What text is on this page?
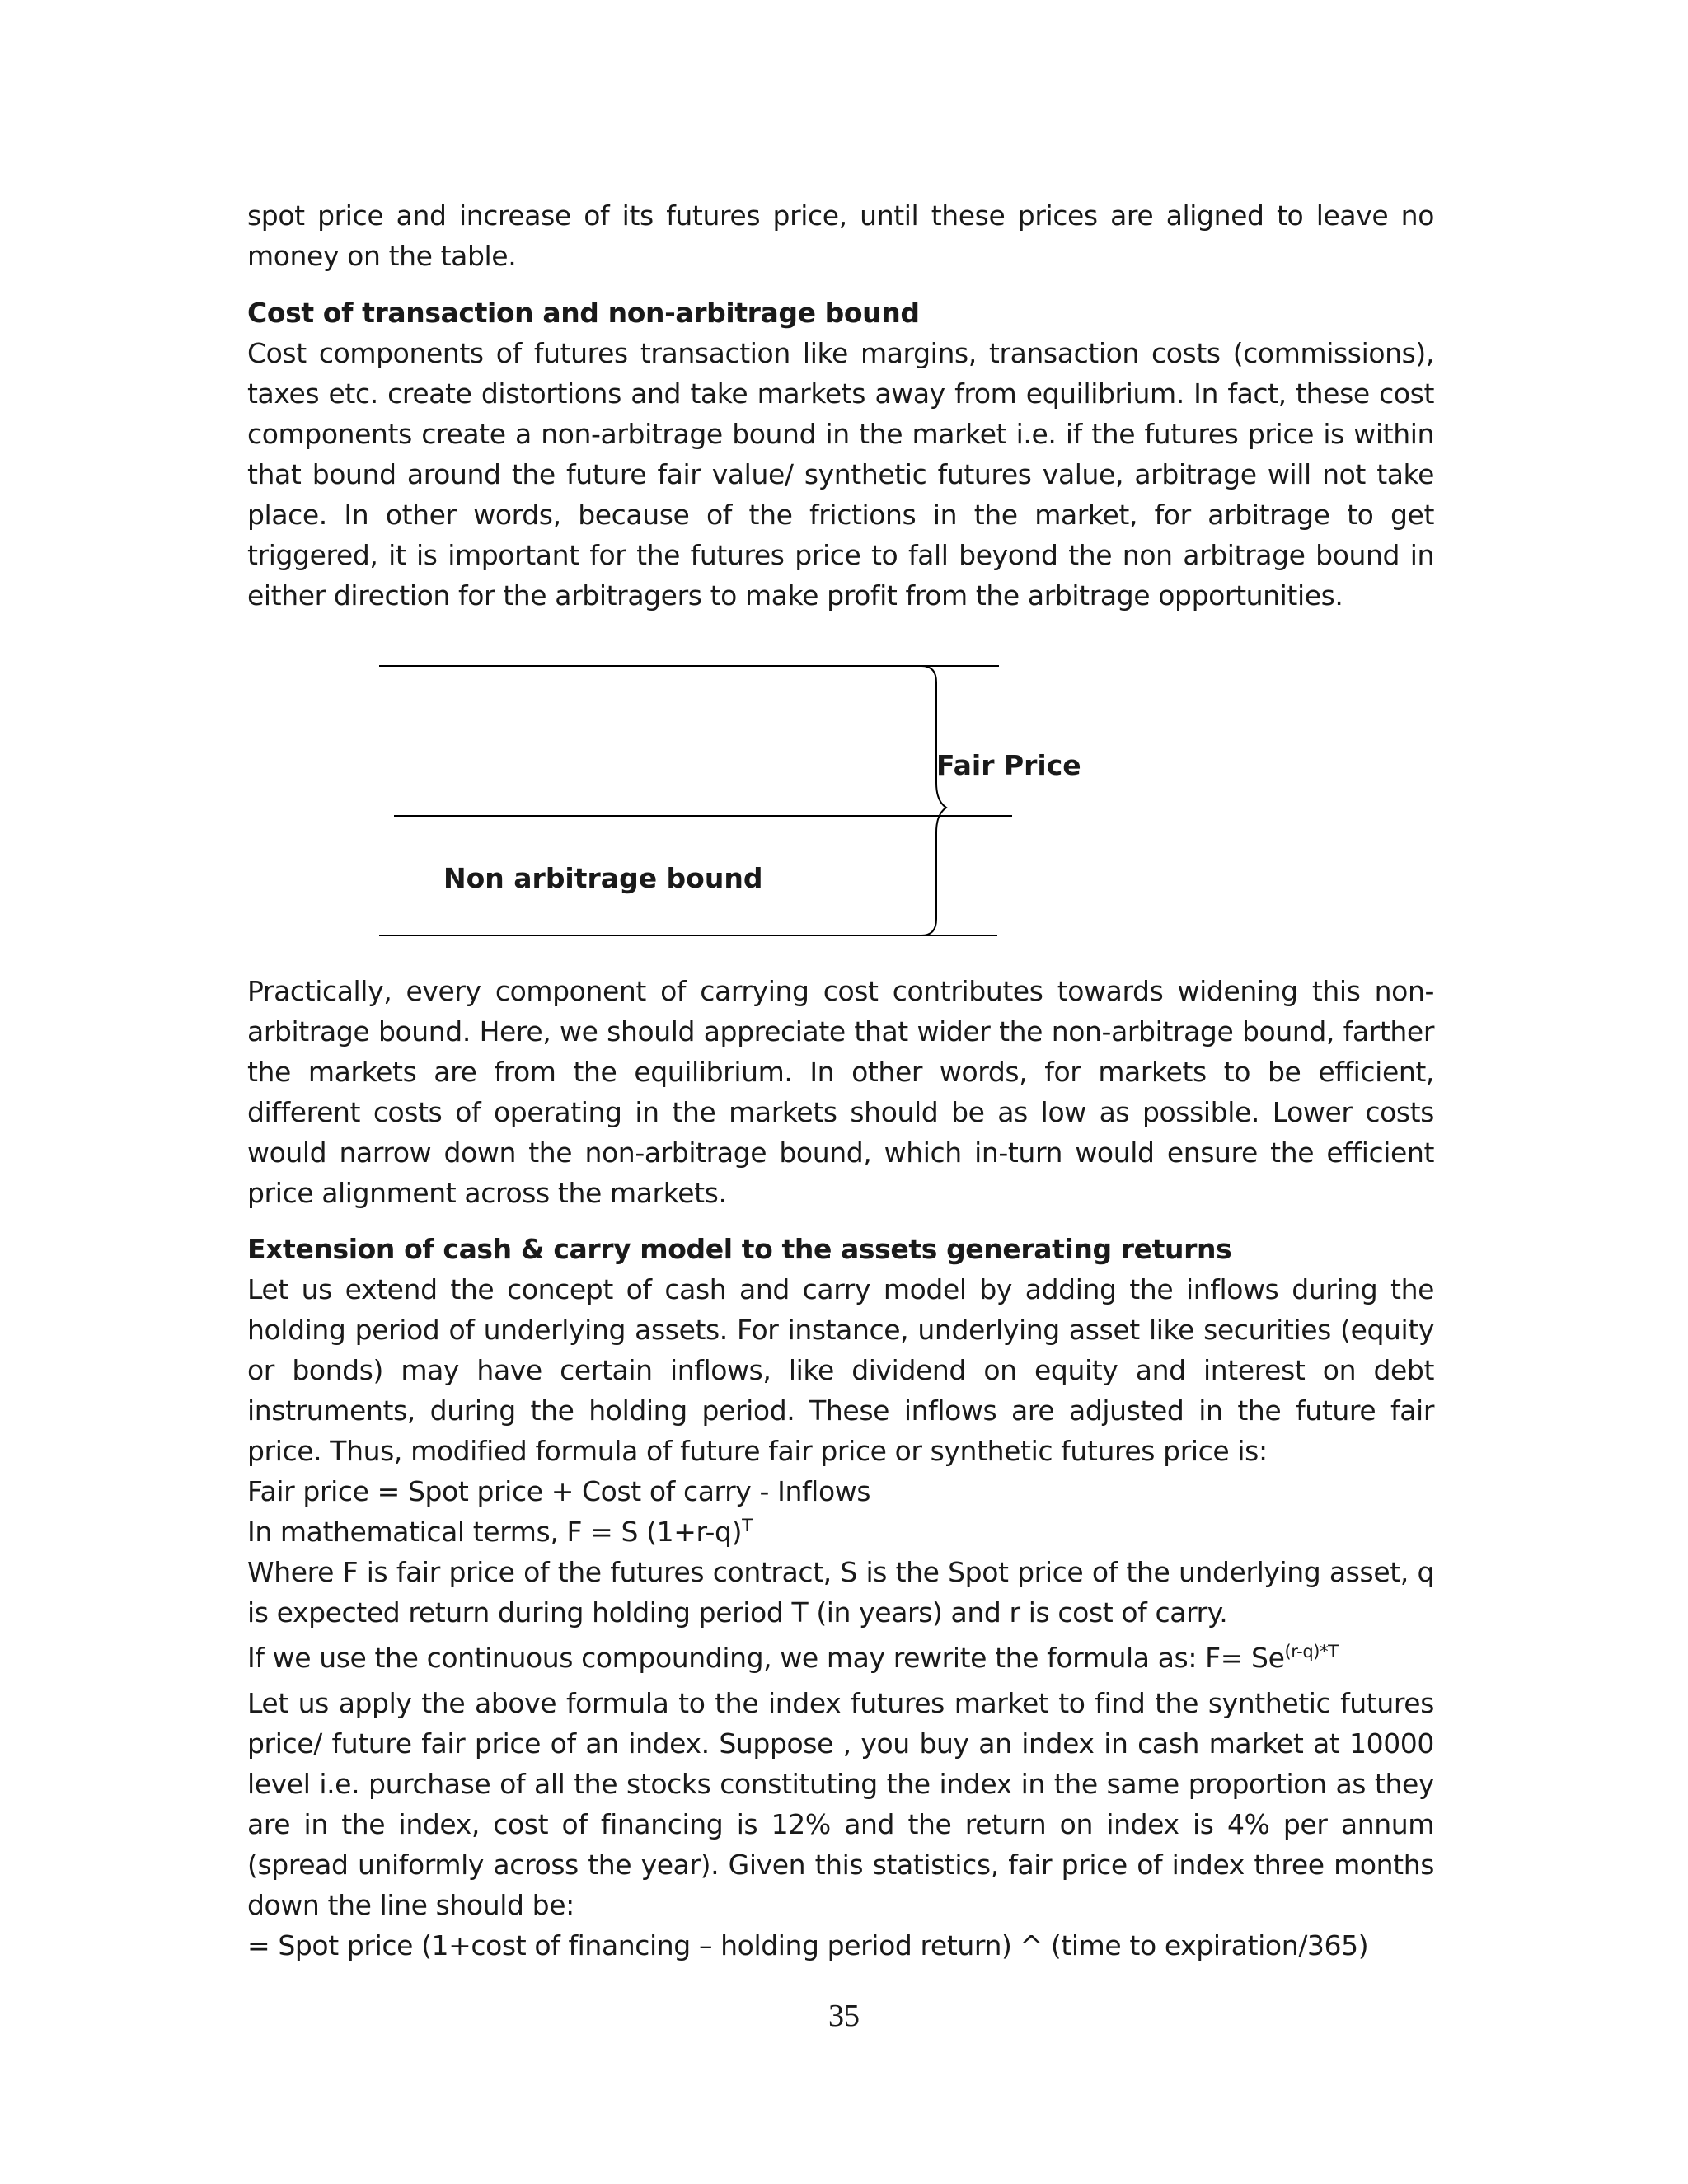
spot price and increase of its futures price, until these prices are aligned to leave no money on the table.

Cost of transaction and non-arbitrage bound

Cost components of futures transaction like margins, transaction costs (commissions), taxes etc. create distortions and take markets away from equilibrium. In fact, these cost components create a non-arbitrage bound in the market i.e. if the futures price is within that bound around the future fair value/ synthetic futures value, arbitrage will not take place. In other words, because of the frictions in the market, for arbitrage to get triggered, it is important for the futures price to fall beyond the non arbitrage bound in either direction for the arbitragers to make profit from the arbitrage opportunities.

Fair Price
Non arbitrage bound

Practically, every component of carrying cost contributes towards widening this non-arbitrage bound. Here, we should appreciate that wider the non-arbitrage bound, farther the markets are from the equilibrium. In other words, for markets to be efficient, different costs of operating in the markets should be as low as possible. Lower costs would narrow down the non-arbitrage bound, which in-turn would ensure the efficient price alignment across the markets.

Extension of cash & carry model to the assets generating returns

Let us extend the concept of cash and carry model by adding the inflows during the holding period of underlying assets. For instance, underlying asset like securities (equity or bonds) may have certain inflows, like dividend on equity and interest on debt instruments, during the holding period. These inflows are adjusted in the future fair price. Thus, modified formula of future fair price or synthetic futures price is:

Fair price = Spot price + Cost of carry - Inflows

In mathematical terms, F = S $(1+r-q)^T$

Where F is fair price of the futures contract, S is the Spot price of the underlying asset, q is expected return during holding period T (in years) and r is cost of carry.

If we use the continuous compounding, we may rewrite the formula as: $F= Se^{(r-q)*T}$

Let us apply the above formula to the index futures market to find the synthetic futures price/ future fair price of an index. Suppose , you buy an index in cash market at 10000 level i.e. purchase of all the stocks constituting the index in the same proportion as they are in the index, cost of financing is 12% and the return on index is 4% per annum (spread uniformly across the year). Given this statistics, fair price of index three months down the line should be:

= Spot price (1+cost of financing – holding period return) ^ (time to expiration/365)

35
